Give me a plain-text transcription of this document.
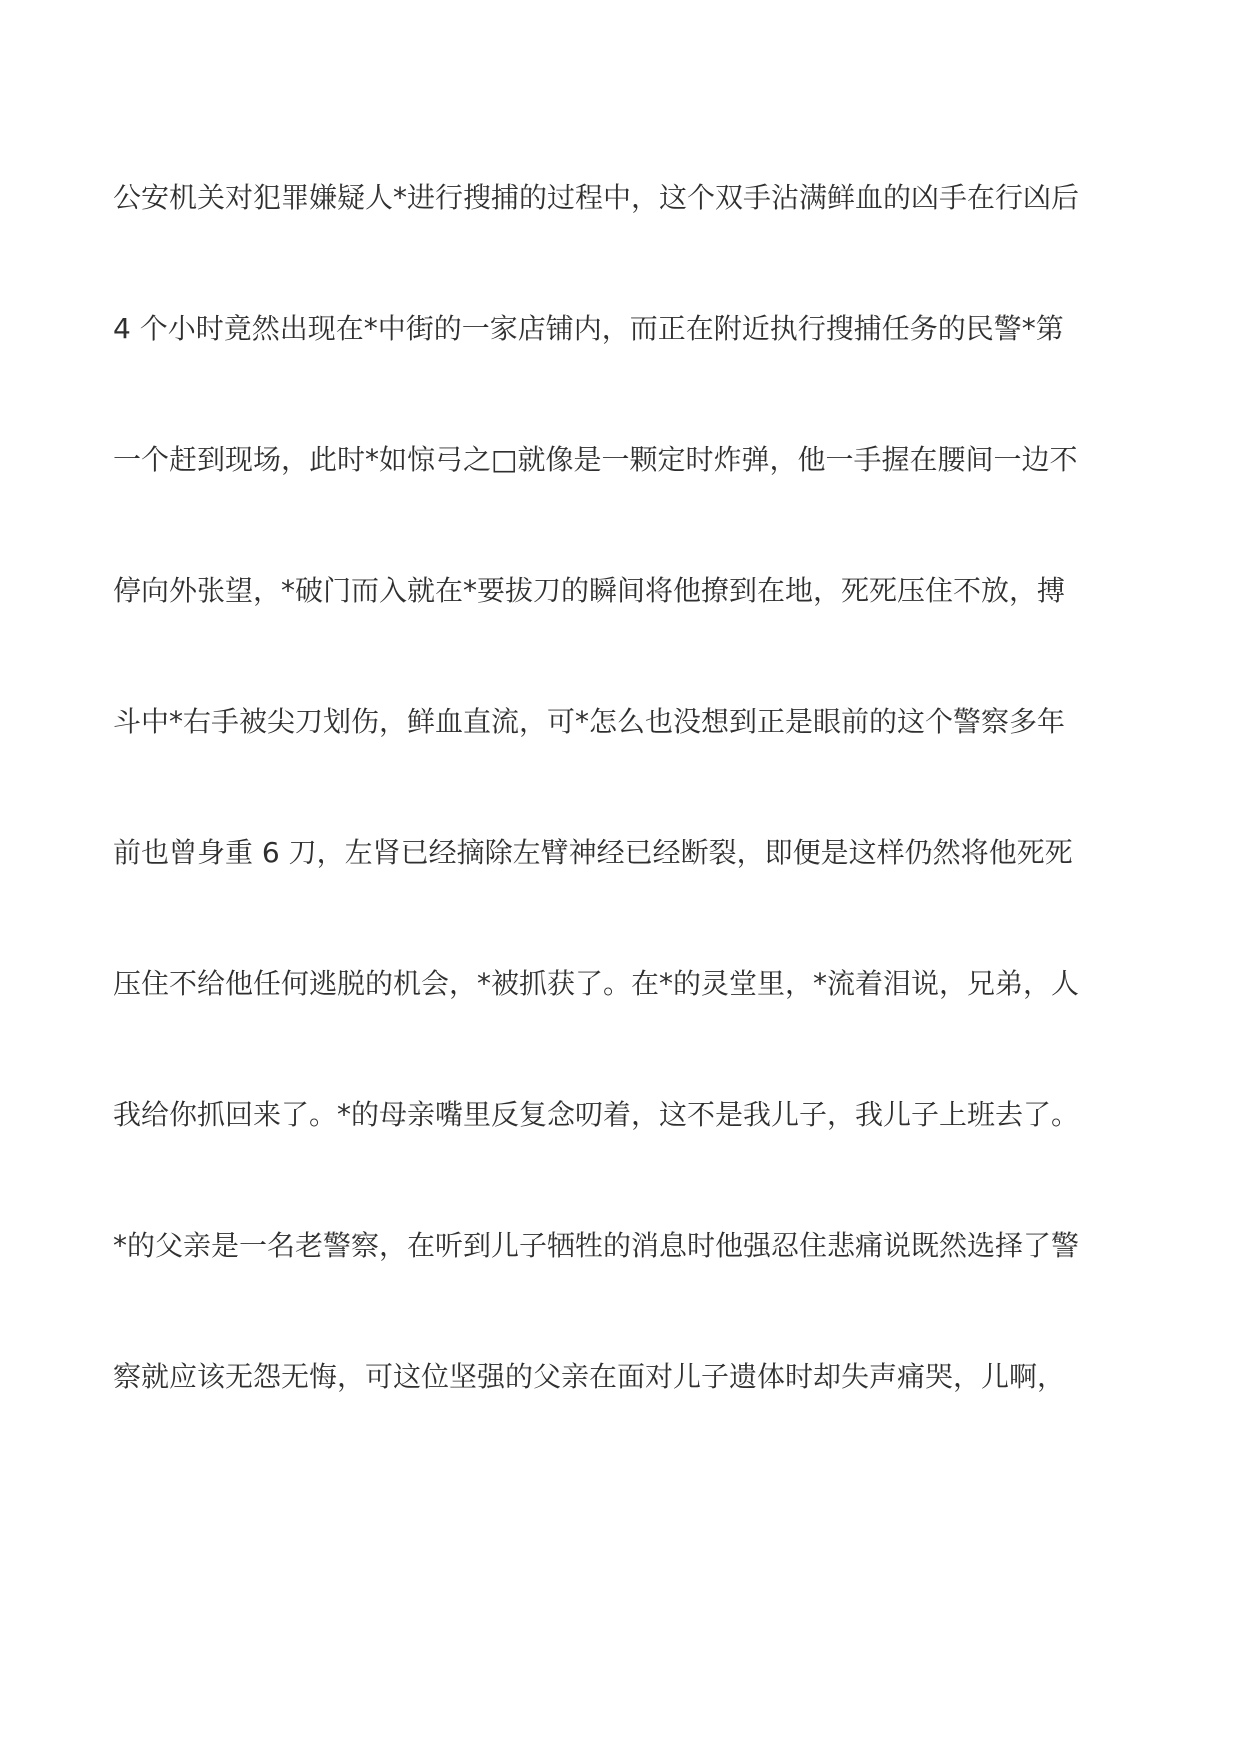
公安机关对犯罪嫌疑人*进行搜捕的过程中，这个双手沾满鲜血的凶手在行凶后
4 个小时竟然出现在*中街的一家店铺内，而正在附近执行搜捕任务的民警*第
一个赶到现场，此时*如惊弓之□就像是一颗定时炸弹，他一手握在腰间一边不
停向外张望，*破门而入就在*要拔刀的瞬间将他撩到在地，死死压住不放，搏
斗中*右手被尖刀划伤，鲜血直流，可*怎么也没想到正是眼前的这个警察多年
前也曾身重 6 刀，左肾已经摘除左臂神经已经断裂，即便是这样仍然将他死死
压住不给他任何逃脱的机会，*被抓获了。在*的灵堂里，*流着泪说，兄弟，人
我给你抓回来了。*的母亲嘴里反复念叨着，这不是我儿子，我儿子上班去了。
*的父亲是一名老警察，在听到儿子牺牲的消息时他强忍住悲痛说既然选择了警
察就应该无怨无悔，可这位坚强的父亲在面对儿子遗体时却失声痛哭，儿啊，
